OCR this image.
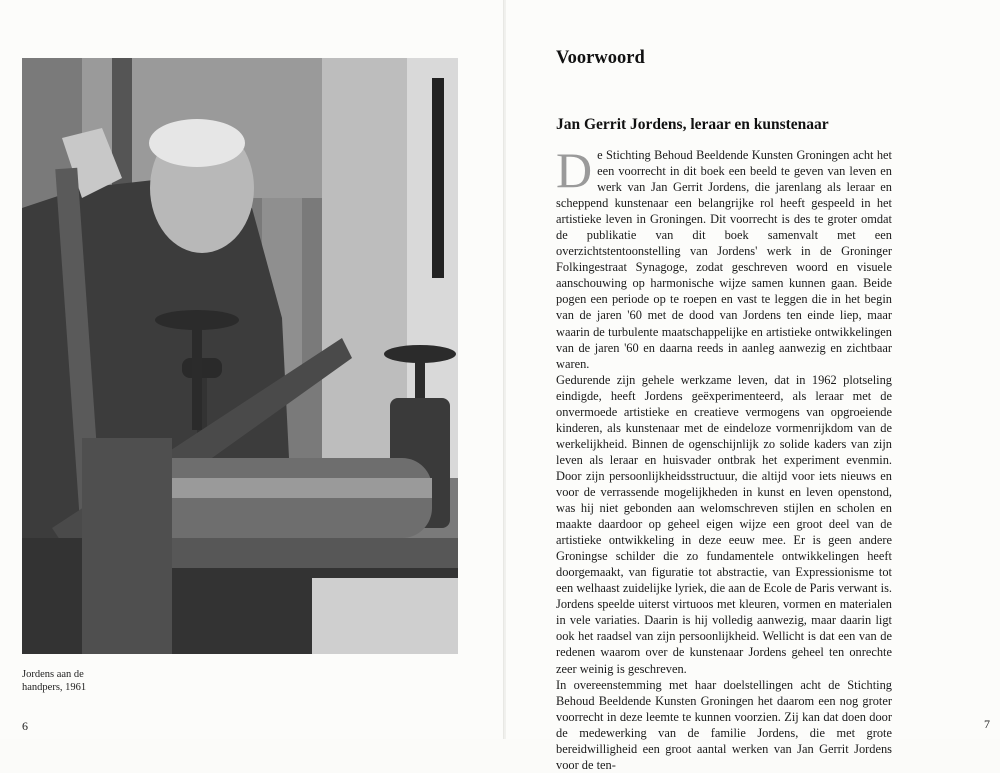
Jordens aan de
handpers, 1961
6
Voorwoord
Jan Gerrit Jordens, leraar en kunstenaar

De Stichting Behoud Beeldende Kunsten Groningen acht het een voorrecht in dit boek een beeld te geven van leven en werk van Jan Gerrit Jordens, die jarenlang als leraar en scheppend kunstenaar een belangrijke rol heeft gespeeld in het artistieke leven in Groningen. Dit voorrecht is des te groter omdat de publikatie van dit boek samenvalt met een overzichtstentoonstelling van Jordens' werk in de Groninger Folkingestraat Synagoge, zodat geschreven woord en visuele aanschouwing op harmonische wijze samen kunnen gaan. Beide pogen een periode op te roepen en vast te leggen die in het begin van de jaren '60 met de dood van Jordens ten einde liep, maar waarin de turbulente maatschappelijke en artistieke ontwikkelingen van de jaren '60 en daarna reeds in aanleg aanwezig en zichtbaar waren.

Gedurende zijn gehele werkzame leven, dat in 1962 plotseling eindigde, heeft Jordens geëxperimenteerd, als leraar met de onvermoede artistieke en creatieve vermogens van opgroeiende kinderen, als kunstenaar met de eindeloze vormenrijkdom van de werkelijkheid. Binnen de ogenschijnlijk zo solide kaders van zijn leven als leraar en huisvader ontbrak het experiment evenmin. Door zijn persoonlijkheidsstructuur, die altijd voor iets nieuws en voor de verrassende mogelijkheden in kunst en leven openstond, was hij niet gebonden aan welomschreven stijlen en scholen en maakte daardoor op geheel eigen wijze een groot deel van de artistieke ontwikkeling in deze eeuw mee. Er is geen andere Groningse schilder die zo fundamentele ontwikkelingen heeft doorgemaakt, van figuratie tot abstractie, van Expressionisme tot een welhaast zuidelijke lyriek, die aan de Ecole de Paris verwant is. Jordens speelde uiterst virtuoos met kleuren, vormen en materialen in vele variaties. Daarin is hij volledig aanwezig, maar daarin ligt ook het raadsel van zijn persoonlijkheid. Wellicht is dat een van de redenen waarom over de kunstenaar Jordens geheel ten onrechte zeer weinig is geschreven.

In overeenstemming met haar doelstellingen acht de Stichting Behoud Beeldende Kunsten Groningen het daarom een nog groter voorrecht in deze leemte te kunnen voorzien. Zij kan dat doen door de medewerking van de familie Jordens, die met grote bereidwilligheid een groot aantal werken van Jan Gerrit Jordens voor de ten-

7
